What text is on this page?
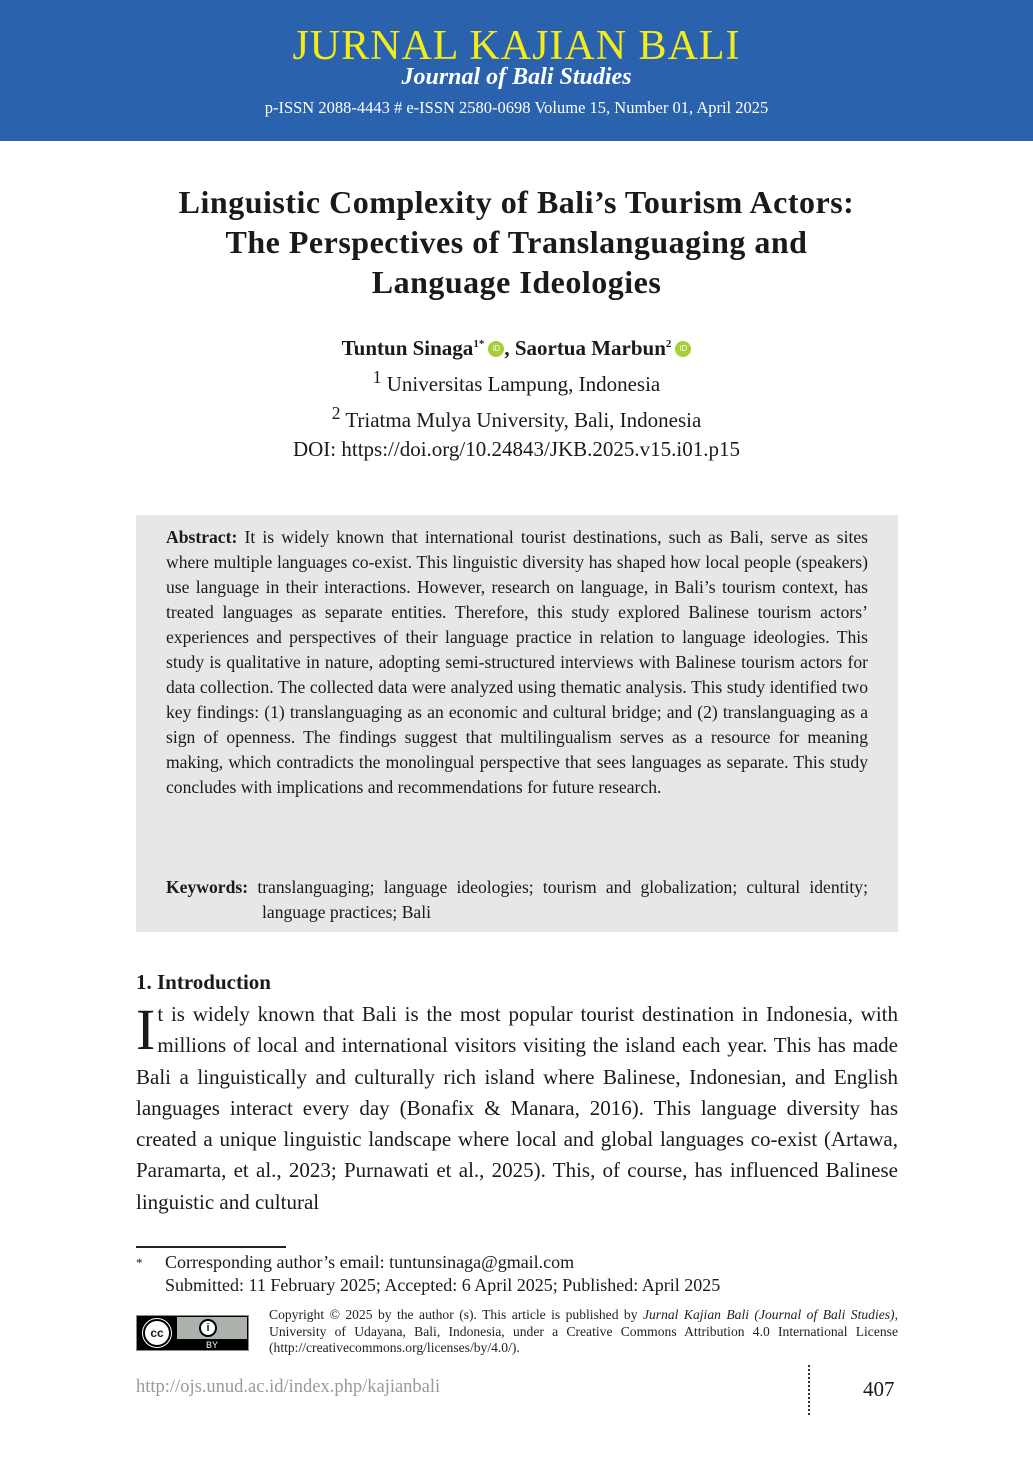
JURNAL KAJIAN BALI
Journal of Bali Studies
p-ISSN 2088-4443 # e-ISSN 2580-0698 Volume 15, Number 01, April 2025
Linguistic Complexity of Bali’s Tourism Actors:
The Perspectives of Translanguaging and
Language Ideologies
Tuntun Sinaga$^{1*}$ iD , Saortua Marbun$^2$ iD
$^1$ Universitas Lampung, Indonesia
$^2$ Triatma Mulya University, Bali, Indonesia
DOI: https://doi.org/10.24843/JKB.2025.v15.i01.p15

Abstract: It is widely known that international tourist destinations, such as Bali, serve as sites where multiple languages co-exist. This linguistic diversity has shaped how local people (speakers) use language in their interactions. However, research on language, in Bali’s tourism context, has treated languages as separate entities. Therefore, this study explored Balinese tourism actors’ experiences and perspectives of their language practice in relation to language ideologies. This study is qualitative in nature, adopting semi-structured interviews with Balinese tourism actors for data collection. The collected data were analyzed using thematic analysis. This study identified two key findings: (1) translanguaging as an economic and cultural bridge; and (2) translanguaging as a sign of openness. The findings suggest that multilingualism serves as a resource for meaning making, which contradicts the monolingual perspective that sees languages as separate. This study concludes with implications and recommendations for future research.

Keywords: translanguaging; language ideologies; tourism and globalization; cultural identity; language practices; Bali

1. Introduction

It is widely known that Bali is the most popular tourist destination in Indonesia, with millions of local and international visitors visiting the island each year. This has made Bali a linguistically and culturally rich island where Balinese, Indonesian, and English languages interact every day (Bonafix & Manara, 2016). This language diversity has created a unique linguistic landscape where local and global languages co-exist (Artawa, Paramarta, et al., 2023; Purnawati et al., 2025). This, of course, has influenced Balinese linguistic and cultural

*	Corresponding author’s email: tuntunsinaga@gmail.com
Submitted: 11 February 2025; Accepted: 6 April 2025; Published: April 2025
cc	i
BY
Copyright © 2025 by the author (s). This article is published by Jurnal Kajian Bali (Journal of Bali Studies), University of Udayana, Bali, Indonesia, under a Creative Commons Attribution 4.0 International License (http://creativecommons.org/licenses/by/4.0/).
http://ojs.unud.ac.id/index.php/kajianbali	407
